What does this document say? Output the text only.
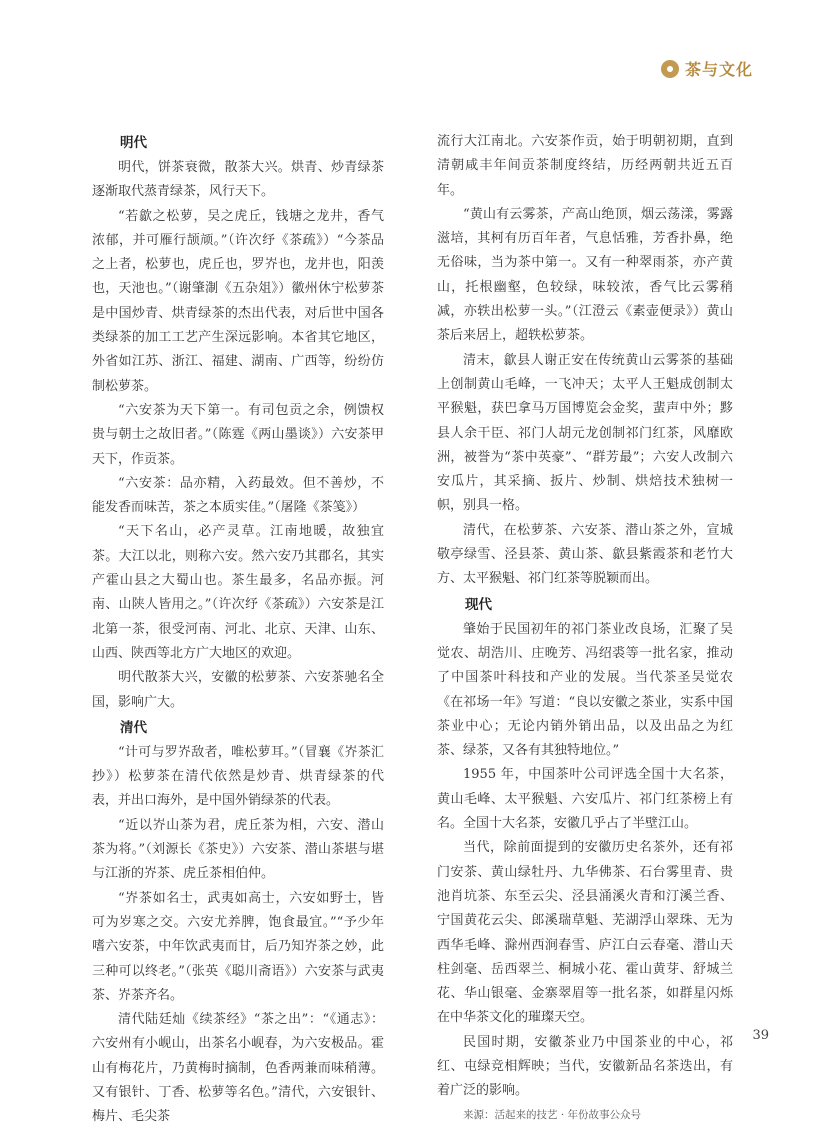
茶与文化
明代

明代，饼茶衰微，散茶大兴。烘青、炒青绿茶逐渐取代蒸青绿茶，风行天下。

“若歙之松萝，吴之虎丘，钱塘之龙井，香气浓郁，并可雁行颉颃。”（许次纾《茶疏》）“今茶品之上者，松萝也，虎丘也，罗岕也，龙井也，阳羡也，天池也。”（谢肇淛《五杂俎》）徽州休宁松萝茶是中国炒青、烘青绿茶的杰出代表，对后世中国各类绿茶的加工工艺产生深远影响。本省其它地区，外省如江苏、浙江、福建、湖南、广西等，纷纷仿制松萝茶。

“六安茶为天下第一。有司包贡之余，例馈权贵与朝士之故旧者。”（陈霆《两山墨谈》）六安茶甲天下，作贡茶。

“六安茶：品亦精，入药最效。但不善炒，不能发香而味苦，茶之本质实佳。”（屠隆《茶笺》）

“天下名山，必产灵草。江南地暖，故独宜茶。大江以北，则称六安。然六安乃其郡名，其实产霍山县之大蜀山也。茶生最多，名品亦振。河南、山陕人皆用之。”（许次纾《茶疏》）六安茶是江北第一茶，很受河南、河北、北京、天津、山东、山西、陕西等北方广大地区的欢迎。

明代散茶大兴，安徽的松萝茶、六安茶驰名全国，影响广大。

清代

“计可与罗岕敌者，唯松萝耳。”（冒襄《岕茶汇抄》）松萝茶在清代依然是炒青、烘青绿茶的代表，并出口海外，是中国外销绿茶的代表。

“近以岕山茶为君，虎丘茶为相，六安、潜山茶为将。”（刘源长《茶史》）六安茶、潜山茶堪与堪与江浙的岕茶、虎丘茶相伯仲。

“岕茶如名士，武夷如高士，六安如野士，皆可为岁寒之交。六安尤养脾，饱食最宜。”“予少年嗜六安茶，中年饮武夷而甘，后乃知岕茶之妙，此三种可以终老。”（张英《聪川斋语》）六安茶与武夷茶、岕茶齐名。

清代陆廷灿《续茶经》“茶之出”：“《通志》：六安州有小岘山，出茶名小岘春，为六安极品。霍山有梅花片，乃黄梅时摘制，色香两兼而味稍薄。又有银针、丁香、松萝等名色。”清代，六安银针、梅片、毛尖茶

流行大江南北。六安茶作贡，始于明朝初期，直到清朝咸丰年间贡茶制度终结，历经两朝共近五百年。

“黄山有云雾茶，产高山绝顶，烟云荡漾，雾露滋培，其柯有历百年者，气息恬雅，芳香扑鼻，绝无俗味，当为茶中第一。又有一种翠雨茶，亦产黄山，托根幽壑，色较绿，味较浓，香气比云雾稍减，亦轶出松萝一头。”（江澄云《素壶便录》）黄山茶后来居上，超轶松萝茶。

清末，歙县人谢正安在传统黄山云雾茶的基础上创制黄山毛峰，一飞冲天；太平人王魁成创制太平猴魁，获巴拿马万国博览会金奖，蜚声中外；黟县人余干臣、祁门人胡元龙创制祁门红茶，风靡欧洲，被誉为“茶中英豪”、“群芳最”；六安人改制六安瓜片，其采摘、扳片、炒制、烘焙技术独树一帜，别具一格。

清代，在松萝茶、六安茶、潜山茶之外，宣城敬亭绿雪、泾县茶、黄山茶、歙县紫霞茶和老竹大方、太平猴魁、祁门红茶等脱颖而出。

现代

肇始于民国初年的祁门茶业改良场，汇聚了吴觉农、胡浩川、庄晚芳、冯绍裘等一批名家，推动了中国茶叶科技和产业的发展。当代茶圣吴觉农《在祁场一年》写道：“良以安徽之茶业，实系中国茶业中心；无论内销外销出品，以及出品之为红茶、绿茶，又各有其独特地位。”

1955 年，中国茶叶公司评选全国十大名茶，黄山毛峰、太平猴魁、六安瓜片、祁门红茶榜上有名。全国十大名茶，安徽几乎占了半壁江山。

当代，除前面提到的安徽历史名茶外，还有祁门安茶、黄山绿牡丹、九华佛茶、石台雾里青、贵池肖坑茶、东至云尖、泾县涌溪火青和汀溪兰香、宁国黄花云尖、郎溪瑞草魁、芜湖浮山翠珠、无为西华毛峰、滁州西涧春雪、庐江白云春毫、潜山天柱剑毫、岳西翠兰、桐城小花、霍山黄芽、舒城兰花、华山银毫、金寨翠眉等一批名茶，如群星闪烁在中华茶文化的璀璨天空。

民国时期，安徽茶业乃中国茶业的中心，祁红、屯绿竞相辉映；当代，安徽新品名茶迭出，有着广泛的影响。

来源：活起来的技艺 · 年份故事公众号
39
